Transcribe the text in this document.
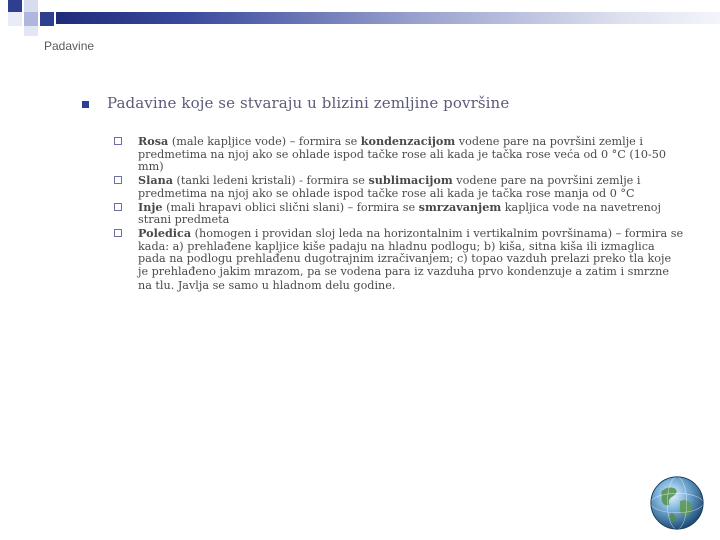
Padavine
Padavine koje se stvaraju u blizini zemljine površine
Rosa (male kapljice vode) – formira se kondenzacijom vodene pare na površini zemlje i predmetima na njoj ako se ohlade ispod tačke rose ali kada je tačka rose veća od 0 °C (10-50 mm)
Slana (tanki ledeni kristali) - formira se sublimacijom vodene pare na površini zemlje i predmetima na njoj ako se ohlade ispod tačke rose ali kada je tačka rose manja od 0 °C
Inje (mali hrapavi oblici slični slani) – formira se smrzavanjem kapljica vode na navetrenoj strani predmeta
Poledica (homogen i providan sloj leda na horizontalnim i vertikalnim površinama) – formira se kada: a) prehlađene kapljice kiše padaju na hladnu podlogu; b) kiša, sitna kiša ili izmaglica pada na podlogu prehlađenu dugotrajnim izračivanjem; c) topao vazduh prelazi preko tla koje je prehlađeno jakim mrazom, pa se vodena para iz vazduha prvo kondenzuje a zatim i smrzne na tlu. Javlja se samo u hladnom delu godine.
